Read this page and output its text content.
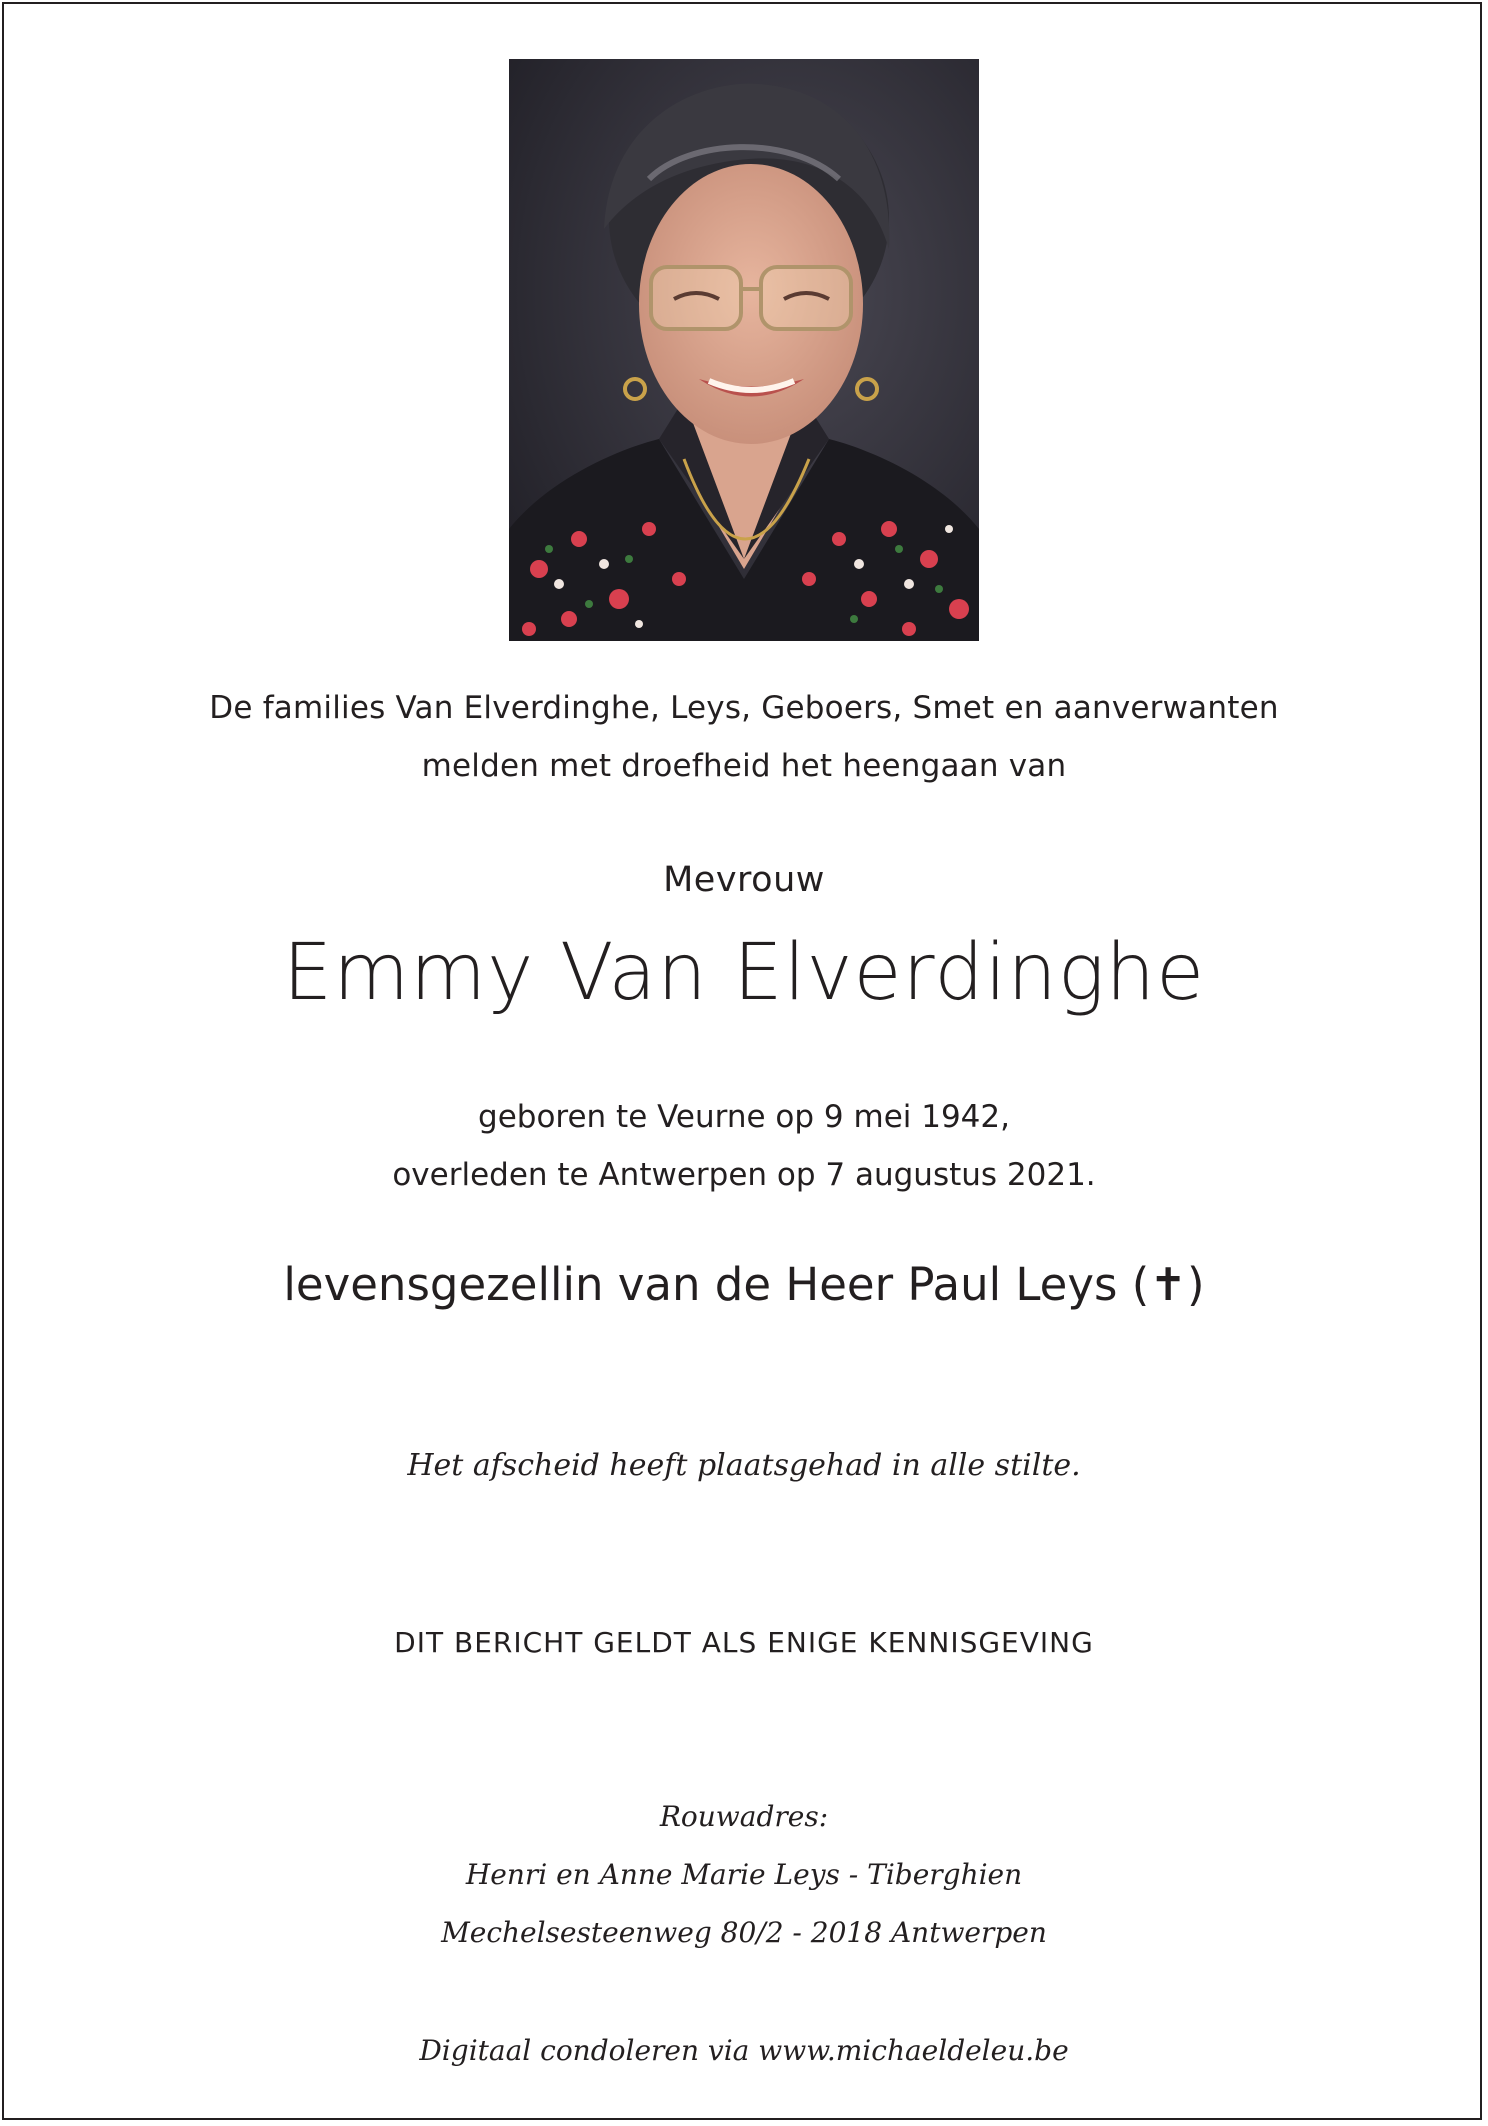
De families Van Elverdinghe, Leys, Geboers, Smet en aanverwanten
melden met droefheid het heengaan van
Mevrouw
Emmy Van Elverdinghe
geboren te Veurne op 9 mei 1942,
overleden te Antwerpen op 7 augustus 2021.
levensgezellin van de Heer Paul Leys (✝)
Het afscheid heeft plaatsgehad in alle stilte.
DIT BERICHT GELDT ALS ENIGE KENNISGEVING
Rouwadres:
Henri en Anne Marie Leys - Tiberghien
Mechelsesteenweg 80/2 - 2018 Antwerpen
Digitaal condoleren via www.michaeldeleu.be
